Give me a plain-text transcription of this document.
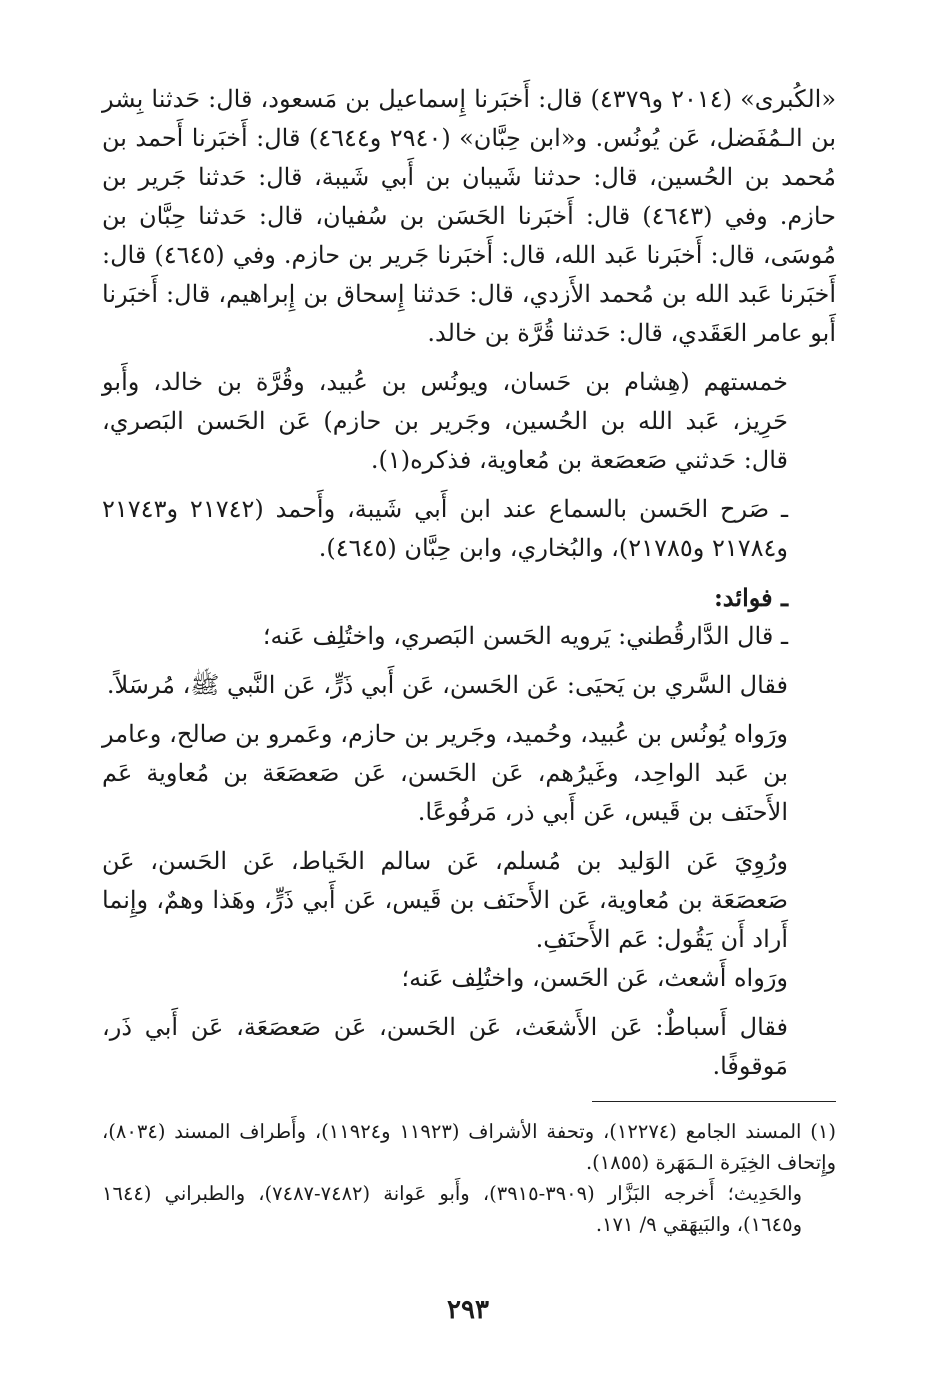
«الكُبرى» (٢٠١٤ و٤٣٧٩) قال: أَخبَرنا إِسماعيل بن مَسعود، قال: حَدثنا بِشر بن الـمُفَضل، عَن يُونُس. و«ابن حِبَّان» (٢٩٤٠ و٤٦٤٤) قال: أَخبَرنا أَحمد بن مُحمد بن الحُسين، قال: حدثنا شَيبان بن أَبي شَيبة، قال: حَدثنا جَرير بن حازم. وفي (٤٦٤٣) قال: أَخبَرنا الحَسَن بن سُفيان، قال: حَدثنا حِبَّان بن مُوسَى، قال: أَخبَرنا عَبد الله، قال: أَخبَرنا جَرير بن حازم. وفي (٤٦٤٥) قال: أَخبَرنا عَبد الله بن مُحمد الأَزدي، قال: حَدثنا إِسحاق بن إِبراهيم، قال: أَخبَرنا أَبو عامر العَقَدي، قال: حَدثنا قُرَّة بن خالد.

خمستهم (هِشام بن حَسان، ويونُس بن عُبيد، وقُرَّة بن خالد، وأَبو حَرِيز، عَبد الله بن الحُسين، وجَرير بن حازم) عَن الحَسن البَصري، قال: حَدثني صَعصَعة بن مُعاوية، فذكره(١).

ـ صَرح الحَسن بالسماع عند ابن أَبي شَيبة، وأَحمد (٢١٧٤٢ و٢١٧٤٣ و٢١٧٨٤ و٢١٧٨٥)، والبُخاري، وابن حِبَّان (٤٦٤٥).

ـ فوائد:

ـ قال الدَّارقُطني: يَرويه الحَسن البَصري، واختُلِف عَنه؛

فقال السَّري بن يَحيَى: عَن الحَسن، عَن أَبي ذَرٍّ، عَن النَّبي ﷺ، مُرسَلاً.

ورَواه يُونُس بن عُبيد، وحُميد، وجَرير بن حازم، وعَمرو بن صالح، وعامر بن عَبد الواحِد، وغَيرُهم، عَن الحَسن، عَن صَعصَعَة بن مُعاوية عَم الأَحنَف بن قَيس، عَن أَبي ذر، مَرفُوعًا.

ورُوِيَ عَن الوَليد بن مُسلم، عَن سالم الخَياط، عَن الحَسن، عَن صَعصَعَة بن مُعاوية، عَن الأَحنَف بن قَيس، عَن أَبي ذَرٍّ، وهَذا وهمٌ، وإِنما أَراد أَن يَقُول: عَم الأَحنَفِ.

ورَواه أَشعث، عَن الحَسن، واختُلِف عَنه؛

فقال أَسباطٌ: عَن الأَشعَث، عَن الحَسن، عَن صَعصَعَة، عَن أَبي ذَر، مَوقوفًا.

(١) المسند الجامع (١٢٢٧٤)، وتحفة الأشراف (١١٩٢٣ و١١٩٢٤)، وأَطراف المسند (٨٠٣٤)، وإِتحاف الخِيَرة الـمَهَرة (١٨٥٥).

والحَدِيث؛ أَخرجه البَزَّار (٣٩٠٩-٣٩١٥)، وأَبو عَوانة (٧٤٨٢-٧٤٨٧)، والطبراني (١٦٤٤ و١٦٤٥)، والبَيهَقي ٩/ ١٧١.

٢٩٣
